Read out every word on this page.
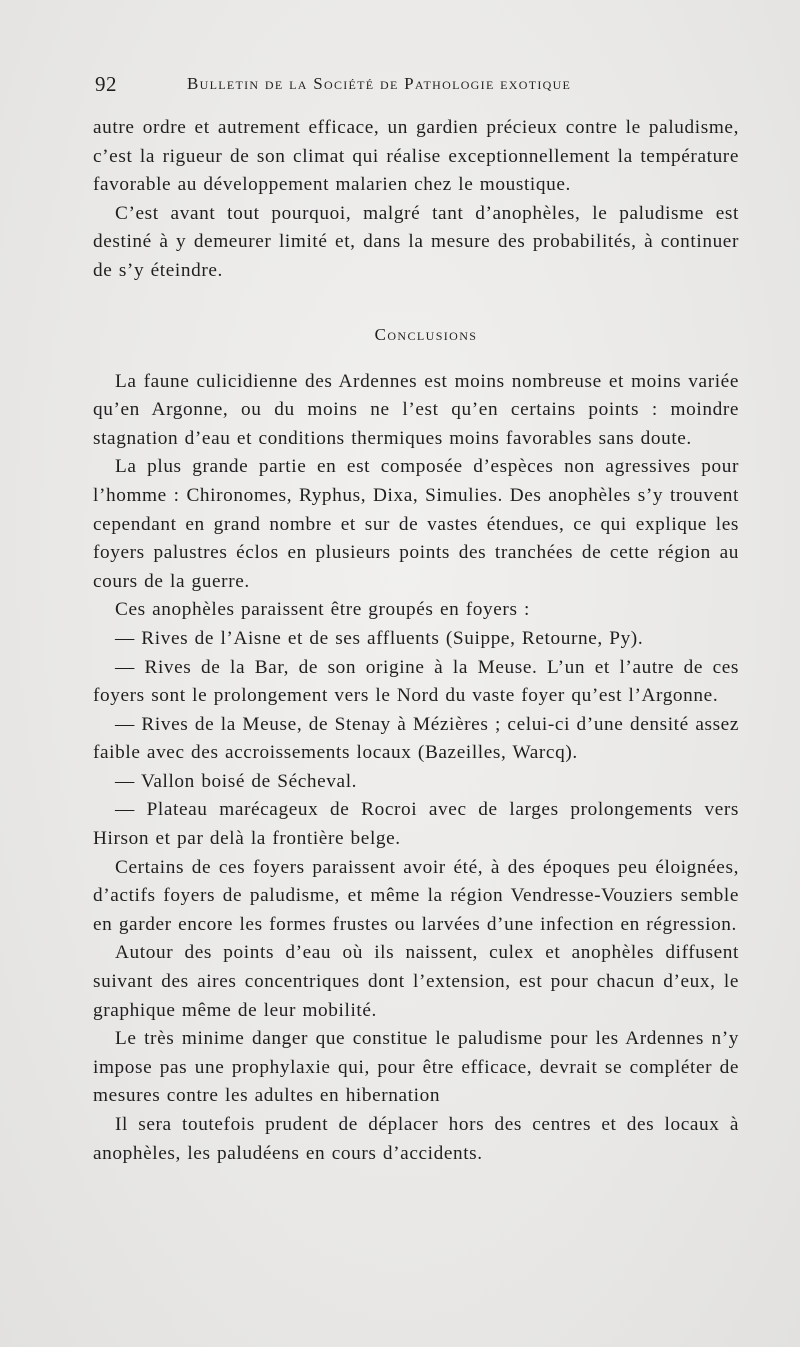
92	Bulletin de la Société de Pathologie exotique

autre ordre et autrement efficace, un gardien précieux contre le paludisme, c’est la rigueur de son climat qui réalise exceptionnellement la température favorable au développement malarien chez le moustique.

C’est avant tout pourquoi, malgré tant d’anophèles, le paludisme est destiné à y demeurer limité et, dans la mesure des probabilités, à continuer de s’y éteindre.

Conclusions

La faune culicidienne des Ardennes est moins nombreuse et moins variée qu’en Argonne, ou du moins ne l’est qu’en certains points : moindre stagnation d’eau et conditions thermiques moins favorables sans doute.

La plus grande partie en est composée d’espèces non agressives pour l’homme : Chironomes, Ryphus, Dixa, Simulies. Des anophèles s’y trouvent cependant en grand nombre et sur de vastes étendues, ce qui explique les foyers palustres éclos en plusieurs points des tranchées de cette région au cours de la guerre.

Ces anophèles paraissent être groupés en foyers :

— Rives de l’Aisne et de ses affluents (Suippe, Retourne, Py).

— Rives de la Bar, de son origine à la Meuse. L’un et l’autre de ces foyers sont le prolongement vers le Nord du vaste foyer qu’est l’Argonne.

— Rives de la Meuse, de Stenay à Mézières ; celui-ci d’une densité assez faible avec des accroissements locaux (Bazeilles, Warcq).

— Vallon boisé de Sécheval.

— Plateau marécageux de Rocroi avec de larges prolongements vers Hirson et par delà la frontière belge.

Certains de ces foyers paraissent avoir été, à des époques peu éloignées, d’actifs foyers de paludisme, et même la région Vendresse-Vouziers semble en garder encore les formes frustes ou larvées d’une infection en régression.

Autour des points d’eau où ils naissent, culex et anophèles diffusent suivant des aires concentriques dont l’extension, est pour chacun d’eux, le graphique même de leur mobilité.

Le très minime danger que constitue le paludisme pour les Ardennes n’y impose pas une prophylaxie qui, pour être efficace, devrait se compléter de mesures contre les adultes en hibernation

Il sera toutefois prudent de déplacer hors des centres et des locaux à anophèles, les paludéens en cours d’accidents.
